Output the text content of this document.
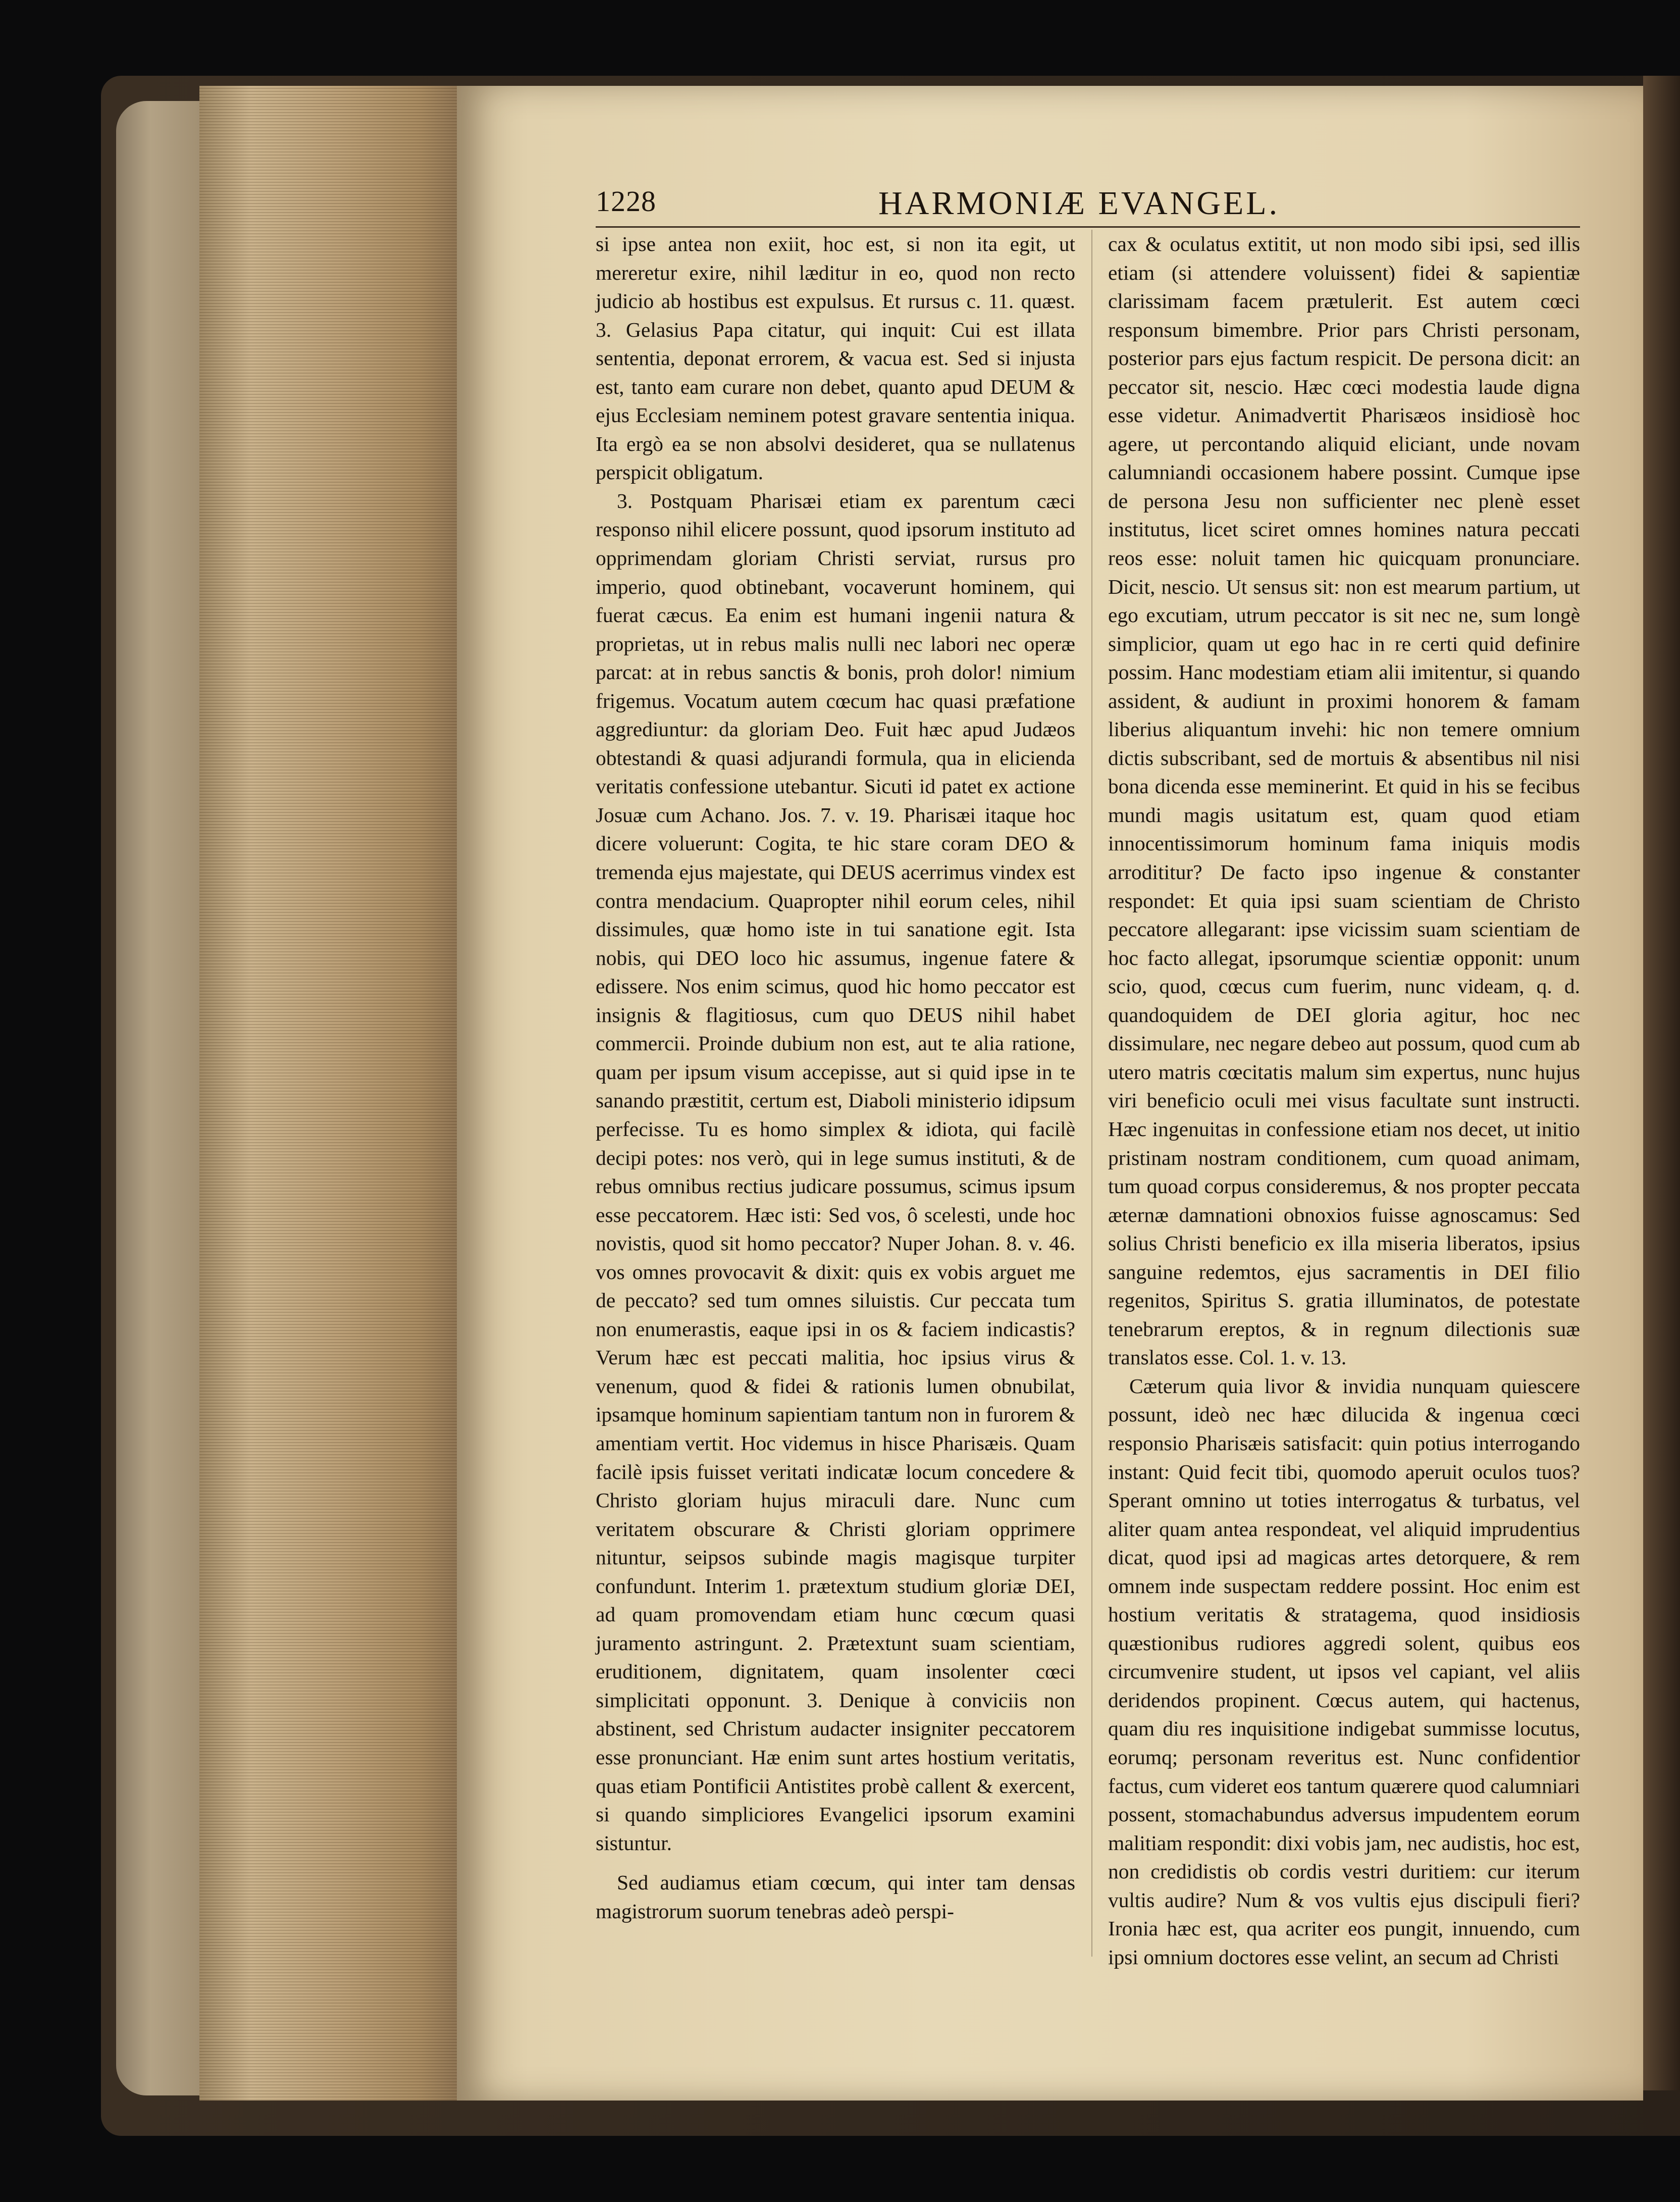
1228	HARMONIÆ EVANGEL.

si ipse antea non exiit, hoc est, si non ita egit, ut mereretur exire, nihil læditur in eo, quod non recto judicio ab hostibus est expulsus. Et rursus c. 11. quæst. 3. Gelasius Papa citatur, qui inquit: Cui est illata sententia, deponat errorem, & vacua est. Sed si injusta est, tanto eam curare non debet, quanto apud DEUM & ejus Ecclesiam neminem potest gravare sententia iniqua. Ita ergò ea se non absolvi desideret, qua se nullatenus perspicit obligatum.

3. Postquam Pharisæi etiam ex parentum cæci responso nihil elicere possunt, quod ipsorum instituto ad opprimendam gloriam Christi serviat, rursus pro imperio, quod obtinebant, vocaverunt hominem, qui fuerat cæcus. Ea enim est humani ingenii natura & proprietas, ut in rebus malis nulli nec labori nec operæ parcat: at in rebus sanctis & bonis, proh dolor! nimium frigemus. Vocatum autem cœcum hac quasi præfatione aggrediuntur: da gloriam Deo. Fuit hæc apud Judæos obtestandi & quasi adjurandi formula, qua in elicienda veritatis confessione utebantur. Sicuti id patet ex actione Josuæ cum Achano. Jos. 7. v. 19. Pharisæi itaque hoc dicere voluerunt: Cogita, te hic stare coram DEO & tremenda ejus majestate, qui DEUS acerrimus vindex est contra mendacium. Quapropter nihil eorum celes, nihil dissimules, quæ homo iste in tui sanatione egit. Ista nobis, qui DEO loco hic assumus, ingenue fatere & edissere. Nos enim scimus, quod hic homo peccator est insignis & flagitiosus, cum quo DEUS nihil habet commercii. Proinde dubium non est, aut te alia ratione, quam per ipsum visum accepisse, aut si quid ipse in te sanando præstitit, certum est, Diaboli ministerio idipsum perfecisse. Tu es homo simplex & idiota, qui facilè decipi potes: nos verò, qui in lege sumus instituti, & de rebus omnibus rectius judicare possumus, scimus ipsum esse peccatorem. Hæc isti: Sed vos, ô scelesti, unde hoc novistis, quod sit homo peccator? Nuper Johan. 8. v. 46. vos omnes provocavit & dixit: quis ex vobis arguet me de peccato? sed tum omnes siluistis. Cur peccata tum non enumerastis, eaque ipsi in os & faciem indicastis? Verum hæc est peccati malitia, hoc ipsius virus & venenum, quod & fidei & rationis lumen obnubilat, ipsamque hominum sapientiam tantum non in furorem & amentiam vertit. Hoc videmus in hisce Pharisæis. Quam facilè ipsis fuisset veritati indicatæ locum concedere & Christo gloriam hujus miraculi dare. Nunc cum veritatem obscurare & Christi gloriam opprimere nituntur, seipsos subinde magis magisque turpiter confundunt. Interim 1. prætextum studium gloriæ DEI, ad quam promovendam etiam hunc cœcum quasi juramento astringunt. 2. Prætextunt suam scientiam, eruditionem, dignitatem, quam insolenter cœci simplicitati opponunt. 3. Denique à conviciis non abstinent, sed Christum audacter insigniter peccatorem esse pronunciant. Hæ enim sunt artes hostium veritatis, quas etiam Pontificii Antistites probè callent & exercent, si quando simpliciores Evangelici ipsorum examini sistuntur.

Sed audiamus etiam cœcum, qui inter tam densas magistrorum suorum tenebras adeò perspi-

cax & oculatus extitit, ut non modo sibi ipsi, sed illis etiam (si attendere voluissent) fidei & sapientiæ clarissimam facem prætulerit. Est autem cœci responsum bimembre. Prior pars Christi personam, posterior pars ejus factum respicit. De persona dicit: an peccator sit, nescio. Hæc cœci modestia laude digna esse videtur. Animadvertit Pharisæos insidiosè hoc agere, ut percontando aliquid eliciant, unde novam calumniandi occasionem habere possint. Cumque ipse de persona Jesu non sufficienter nec plenè esset institutus, licet sciret omnes homines natura peccati reos esse: noluit tamen hic quicquam pronunciare. Dicit, nescio. Ut sensus sit: non est mearum partium, ut ego excutiam, utrum peccator is sit nec ne, sum longè simplicior, quam ut ego hac in re certi quid definire possim. Hanc modestiam etiam alii imitentur, si quando assident, & audiunt in proximi honorem & famam liberius aliquantum invehi: hic non temere omnium dictis subscribant, sed de mortuis & absentibus nil nisi bona dicenda esse meminerint. Et quid in his se fecibus mundi magis usitatum est, quam quod etiam innocentissimorum hominum fama iniquis modis arrodititur? De facto ipso ingenue & constanter respondet: Et quia ipsi suam scientiam de Christo peccatore allegarant: ipse vicissim suam scientiam de hoc facto allegat, ipsorumque scientiæ opponit: unum scio, quod, cœcus cum fuerim, nunc videam, q. d. quandoquidem de DEI gloria agitur, hoc nec dissimulare, nec negare debeo aut possum, quod cum ab utero matris cœcitatis malum sim expertus, nunc hujus viri beneficio oculi mei visus facultate sunt instructi. Hæc ingenuitas in confessione etiam nos decet, ut initio pristinam nostram conditionem, cum quoad animam, tum quoad corpus consideremus, & nos propter peccata æternæ damnationi obnoxios fuisse agnoscamus: Sed solius Christi beneficio ex illa miseria liberatos, ipsius sanguine redemtos, ejus sacramentis in DEI filio regenitos, Spiritus S. gratia illuminatos, de potestate tenebrarum ereptos, & in regnum dilectionis suæ translatos esse. Col. 1. v. 13.

Cæterum quia livor & invidia nunquam quiescere possunt, ideò nec hæc dilucida & ingenua cœci responsio Pharisæis satisfacit: quin potius interrogando instant: Quid fecit tibi, quomodo aperuit oculos tuos? Sperant omnino ut toties interrogatus & turbatus, vel aliter quam antea respondeat, vel aliquid imprudentius dicat, quod ipsi ad magicas artes detorquere, & rem omnem inde suspectam reddere possint. Hoc enim est hostium veritatis & stratagema, quod insidiosis quæstionibus rudiores aggredi solent, quibus eos circumvenire student, ut ipsos vel capiant, vel aliis deridendos propinent. Cœcus autem, qui hactenus, quam diu res inquisitione indigebat summisse locutus, eorumq; personam reveritus est. Nunc confidentior factus, cum videret eos tantum quærere quod calumniari possent, stomachabundus adversus impudentem eorum malitiam respondit: dixi vobis jam, nec audistis, hoc est, non credidistis ob cordis vestri duritiem: cur iterum vultis audire? Num & vos vultis ejus discipuli fieri? Ironia hæc est, qua acriter eos pungit, innuendo, cum ipsi omnium doctores esse velint, an secum ad Christi
